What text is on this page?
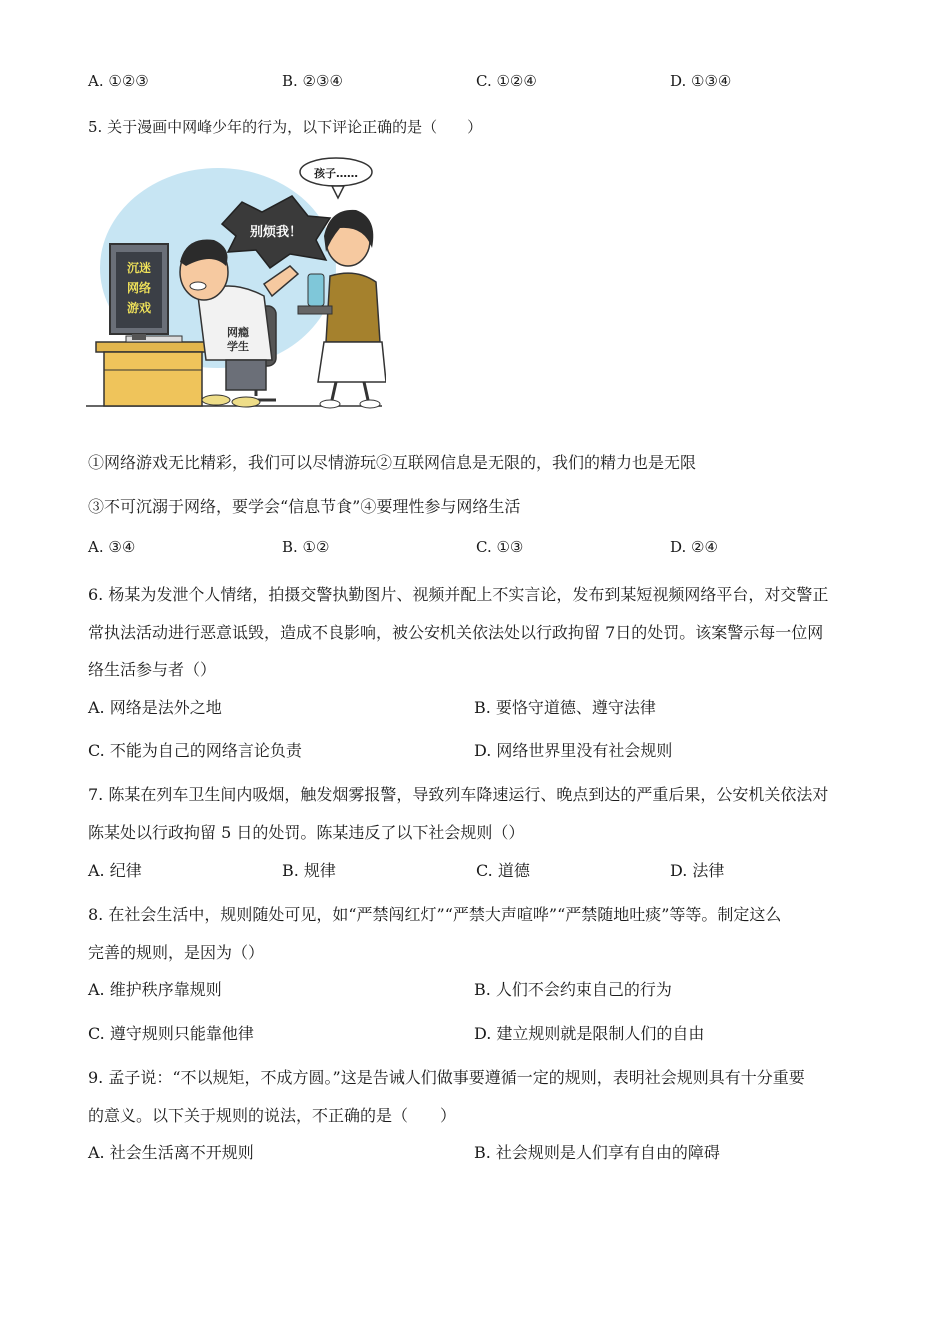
A. ①②③	B. ②③④	C. ①②④	D. ①③④
5. 关于漫画中网峰少年的行为，以下评论正确的是（　　）
沉迷
网络
游戏
网瘾
学生
别烦我！
孩子……
①网络游戏无比精彩，我们可以尽情游玩②互联网信息是无限的，我们的精力也是无限
③不可沉溺于网络，要学会“信息节食”④要理性参与网络生活
A. ③④	B. ①②	C. ①③	D. ②④
6. 杨某为发泄个人情绪，拍摄交警执勤图片、视频并配上不实言论，发布到某短视频网络平台，对交警正
常执法活动进行恶意诋毁，造成不良影响，被公安机关依法处以行政拘留 7日的处罚。该案警示每一位网
络生活参与者（）
A. 网络是法外之地	B. 要恪守道德、遵守法律
C. 不能为自己的网络言论负责	D. 网络世界里没有社会规则
7. 陈某在列车卫生间内吸烟，触发烟雾报警，导致列车降速运行、晚点到达的严重后果，公安机关依法对
陈某处以行政拘留 5 日的处罚。陈某违反了以下社会规则（）
A. 纪律	B. 规律	C. 道德	D. 法律
8. 在社会生活中，规则随处可见，如“严禁闯红灯”“严禁大声喧哗”“严禁随地吐痰”等等。制定这么
完善的规则，是因为（）
A. 维护秩序靠规则	B. 人们不会约束自己的行为
C. 遵守规则只能靠他律	D. 建立规则就是限制人们的自由
9. 孟子说：“不以规矩，不成方圆。”这是告诫人们做事要遵循一定的规则，表明社会规则具有十分重要
的意义。以下关于规则的说法，不正确的是（　　）
A. 社会生活离不开规则	B. 社会规则是人们享有自由的障碍
